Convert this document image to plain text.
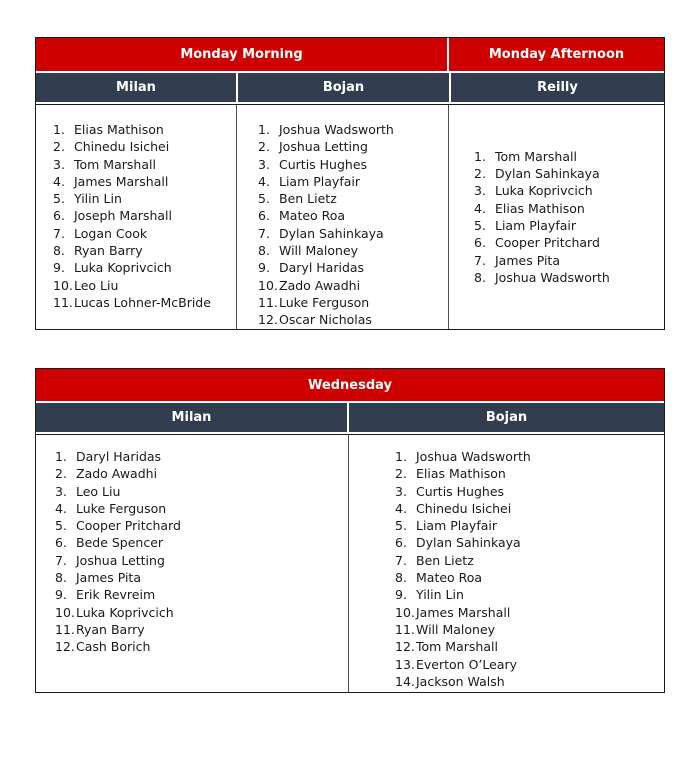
Monday Morning	Monday Afternoon
Milan	Bojan	Reilly
1. Elias Mathison
2. Chinedu Isichei
3. Tom Marshall
4. James Marshall
5. Yilin Lin
6. Joseph Marshall
7. Logan Cook
8. Ryan Barry
9. Luka Koprivcich
10. Leo Liu
11. Lucas Lohner-McBride
1. Joshua Wadsworth
2. Joshua Letting
3. Curtis Hughes
4. Liam Playfair
5. Ben Lietz
6. Mateo Roa
7. Dylan Sahinkaya
8. Will Maloney
9. Daryl Haridas
10. Zado Awadhi
11. Luke Ferguson
12. Oscar Nicholas
1. Tom Marshall
2. Dylan Sahinkaya
3. Luka Koprivcich
4. Elias Mathison
5. Liam Playfair
6. Cooper Pritchard
7. James Pita
8. Joshua Wadsworth
Wednesday
Milan	Bojan
1. Daryl Haridas
2. Zado Awadhi
3. Leo Liu
4. Luke Ferguson
5. Cooper Pritchard
6. Bede Spencer
7. Joshua Letting
8. James Pita
9. Erik Revreim
10. Luka Koprivcich
11. Ryan Barry
12. Cash Borich
1. Joshua Wadsworth
2. Elias Mathison
3. Curtis Hughes
4. Chinedu Isichei
5. Liam Playfair
6. Dylan Sahinkaya
7. Ben Lietz
8. Mateo Roa
9. Yilin Lin
10. James Marshall
11. Will Maloney
12. Tom Marshall
13. Everton O’Leary
14. Jackson Walsh
